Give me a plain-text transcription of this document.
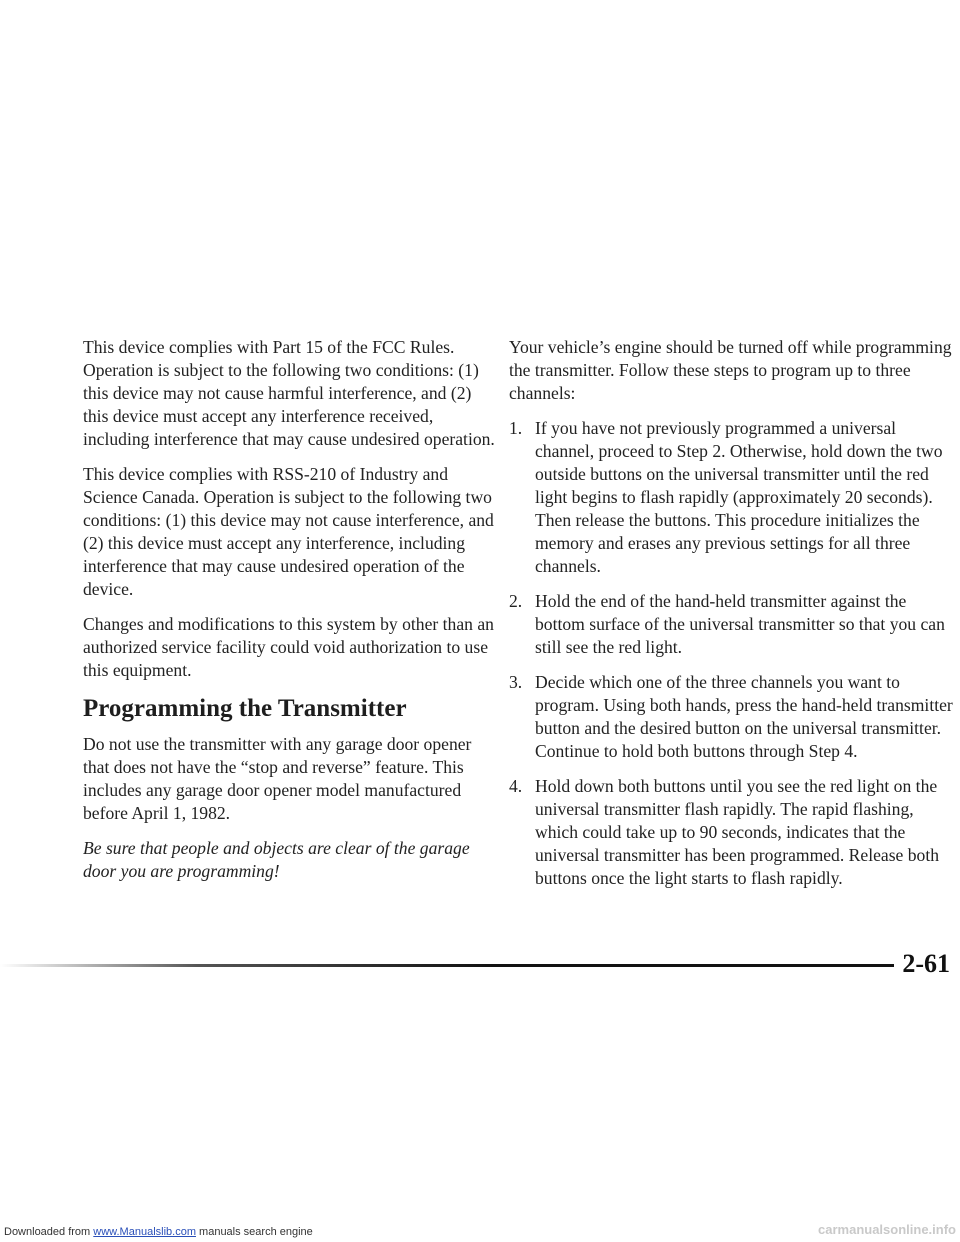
This device complies with Part 15 of the FCC Rules. Operation is subject to the following two conditions: (1) this device may not cause harmful interference, and (2) this device must accept any interference received, including interference that may cause undesired operation.

This device complies with RSS-210 of Industry and Science Canada. Operation is subject to the following two conditions: (1) this device may not cause interference, and (2) this device must accept any interference, including interference that may cause undesired operation of the device.

Changes and modifications to this system by other than an authorized service facility could void authorization to use this equipment.

Programming the Transmitter

Do not use the transmitter with any garage door opener that does not have the “stop and reverse” feature. This includes any garage door opener model manufactured before April 1, 1982.

Be sure that people and objects are clear of the garage door you are programming!

Your vehicle’s engine should be turned off while programming the transmitter. Follow these steps to program up to three channels:

1. If you have not previously programmed a universal channel, proceed to Step 2. Otherwise, hold down the two outside buttons on the universal transmitter until the red light begins to flash rapidly (approximately 20 seconds). Then release the buttons. This procedure initializes the memory and erases any previous settings for all three channels.
2. Hold the end of the hand-held transmitter against the bottom surface of the universal transmitter so that you can still see the red light.
3. Decide which one of the three channels you want to program. Using both hands, press the hand-held transmitter button and the desired button on the universal transmitter. Continue to hold both buttons through Step 4.
4. Hold down both buttons until you see the red light on the universal transmitter flash rapidly. The rapid flashing, which could take up to 90 seconds, indicates that the universal transmitter has been programmed. Release both buttons once the light starts to flash rapidly.
2-61
Downloaded from www.Manualslib.com manuals search engine	carmanualsonline.info
